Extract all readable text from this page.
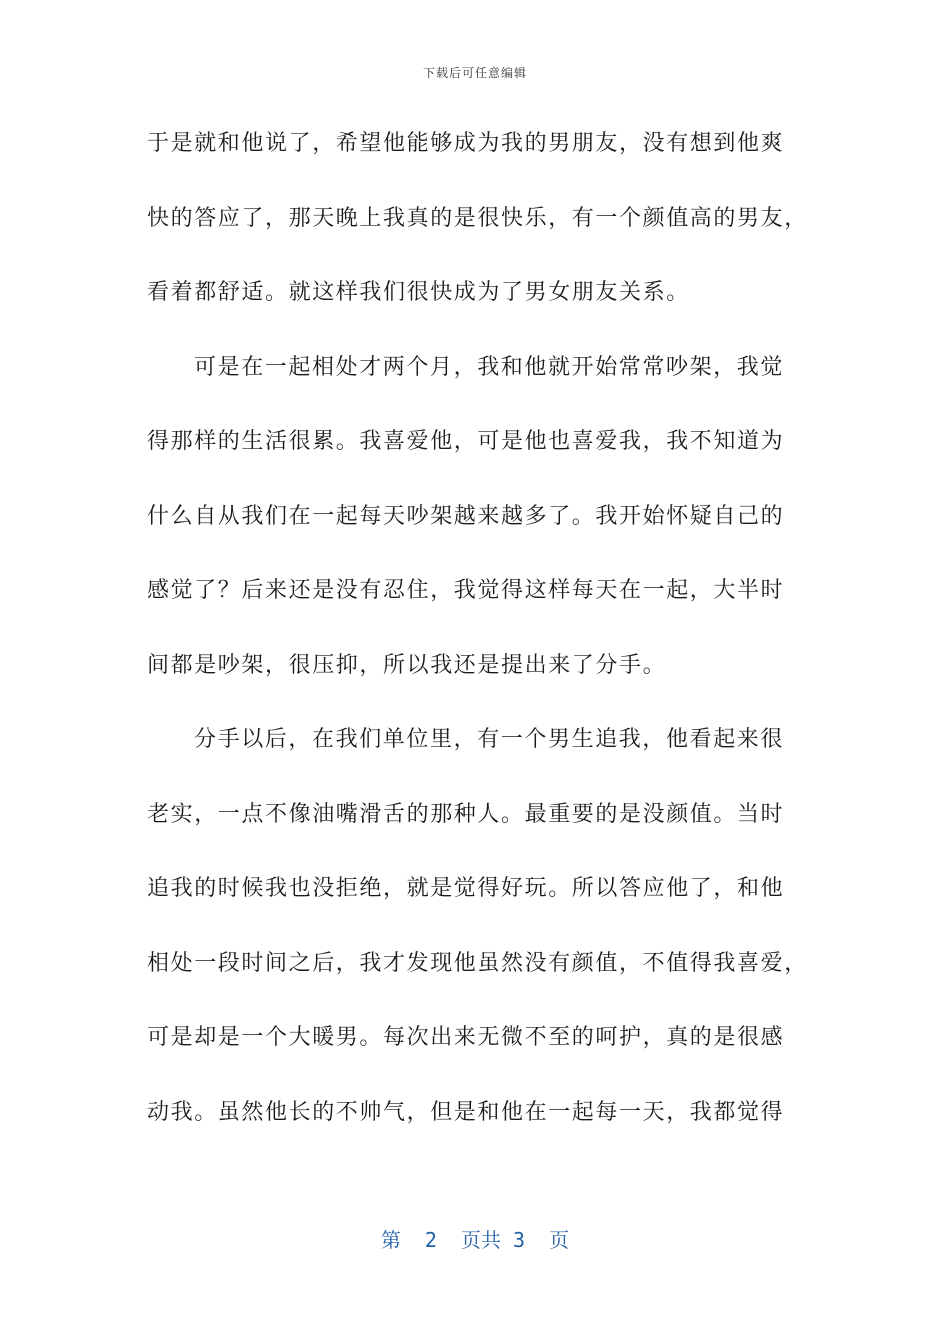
下载后可任意编辑
于是就和他说了，希望他能够成为我的男朋友，没有想到他爽
快的答应了，那天晚上我真的是很快乐，有一个颜值高的男友，
看着都舒适。就这样我们很快成为了男女朋友关系。
可是在一起相处才两个月，我和他就开始常常吵架，我觉
得那样的生活很累。我喜爱他，可是他也喜爱我，我不知道为
什么自从我们在一起每天吵架越来越多了。我开始怀疑自己的
感觉了？后来还是没有忍住，我觉得这样每天在一起，大半时
间都是吵架，很压抑，所以我还是提出来了分手。
分手以后，在我们单位里，有一个男生追我，他看起来很
老实，一点不像油嘴滑舌的那种人。最重要的是没颜值。当时
追我的时候我也没拒绝，就是觉得好玩。所以答应他了，和他
相处一段时间之后，我才发现他虽然没有颜值，不值得我喜爱，
可是却是一个大暖男。每次出来无微不至的呵护，真的是很感
动我。虽然他长的不帅气，但是和他在一起每一天，我都觉得
第  2  页共 3  页
